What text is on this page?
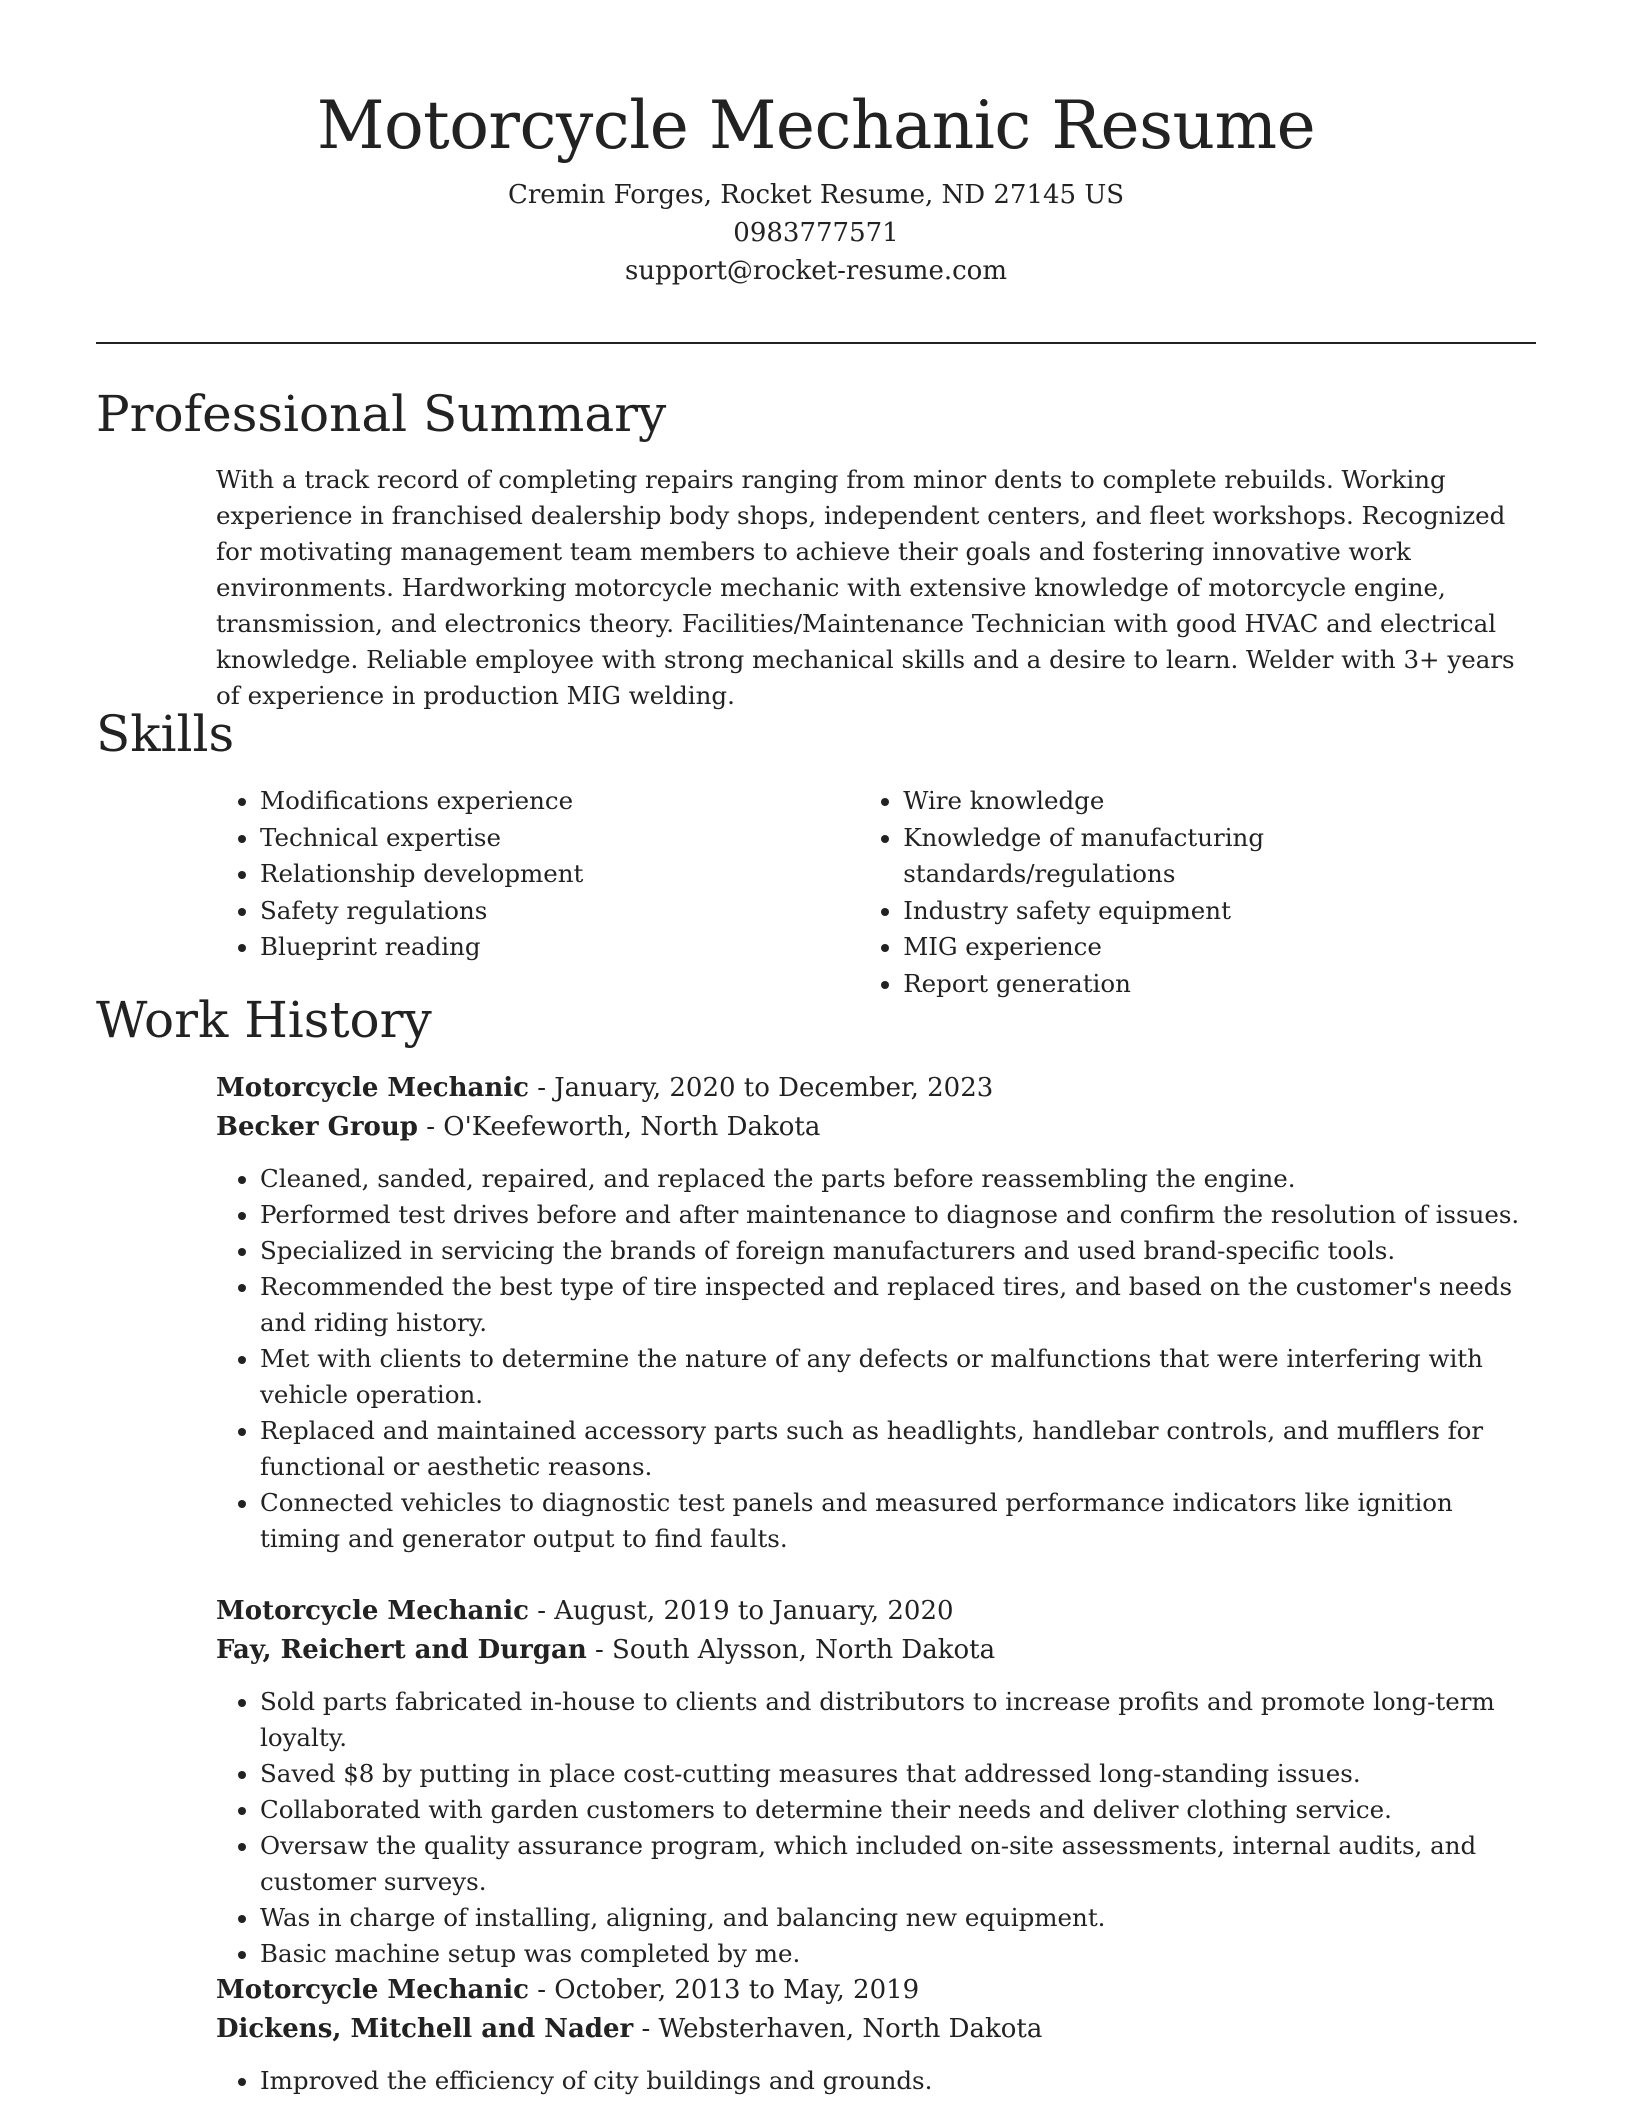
Motorcycle Mechanic Resume
Cremin Forges, Rocket Resume, ND 27145 US
0983777571
support@rocket-resume.com
Professional Summary

With a track record of completing repairs ranging from minor dents to complete rebuilds. Working experience in franchised dealership body shops, independent centers, and fleet workshops. Recognized for motivating management team members to achieve their goals and fostering innovative work environments. Hardworking motorcycle mechanic with extensive knowledge of motorcycle engine, transmission, and electronics theory. Facilities/Maintenance Technician with good HVAC and electrical knowledge. Reliable employee with strong mechanical skills and a desire to learn. Welder with 3+ years of experience in production MIG welding.

Skills
• Modifications experience
• Technical expertise
• Relationship development
• Safety regulations
• Blueprint reading
• Wire knowledge
• Knowledge of manufacturing standards/regulations
• Industry safety equipment
• MIG experience
• Report generation
Work History
Motorcycle Mechanic - January, 2020 to December, 2023
Becker Group - O'Keefeworth, North Dakota
• Cleaned, sanded, repaired, and replaced the parts before reassembling the engine.
• Performed test drives before and after maintenance to diagnose and confirm the resolution of issues.
• Specialized in servicing the brands of foreign manufacturers and used brand-specific tools.
• Recommended the best type of tire inspected and replaced tires, and based on the customer's needs and riding history.
• Met with clients to determine the nature of any defects or malfunctions that were interfering with vehicle operation.
• Replaced and maintained accessory parts such as headlights, handlebar controls, and mufflers for functional or aesthetic reasons.
• Connected vehicles to diagnostic test panels and measured performance indicators like ignition timing and generator output to find faults.
Motorcycle Mechanic - August, 2019 to January, 2020
Fay, Reichert and Durgan - South Alysson, North Dakota
• Sold parts fabricated in-house to clients and distributors to increase profits and promote long-term loyalty.
• Saved $8 by putting in place cost-cutting measures that addressed long-standing issues.
• Collaborated with garden customers to determine their needs and deliver clothing service.
• Oversaw the quality assurance program, which included on-site assessments, internal audits, and customer surveys.
• Was in charge of installing, aligning, and balancing new equipment.
• Basic machine setup was completed by me.
Motorcycle Mechanic - October, 2013 to May, 2019
Dickens, Mitchell and Nader - Websterhaven, North Dakota
• Improved the efficiency of city buildings and grounds.
